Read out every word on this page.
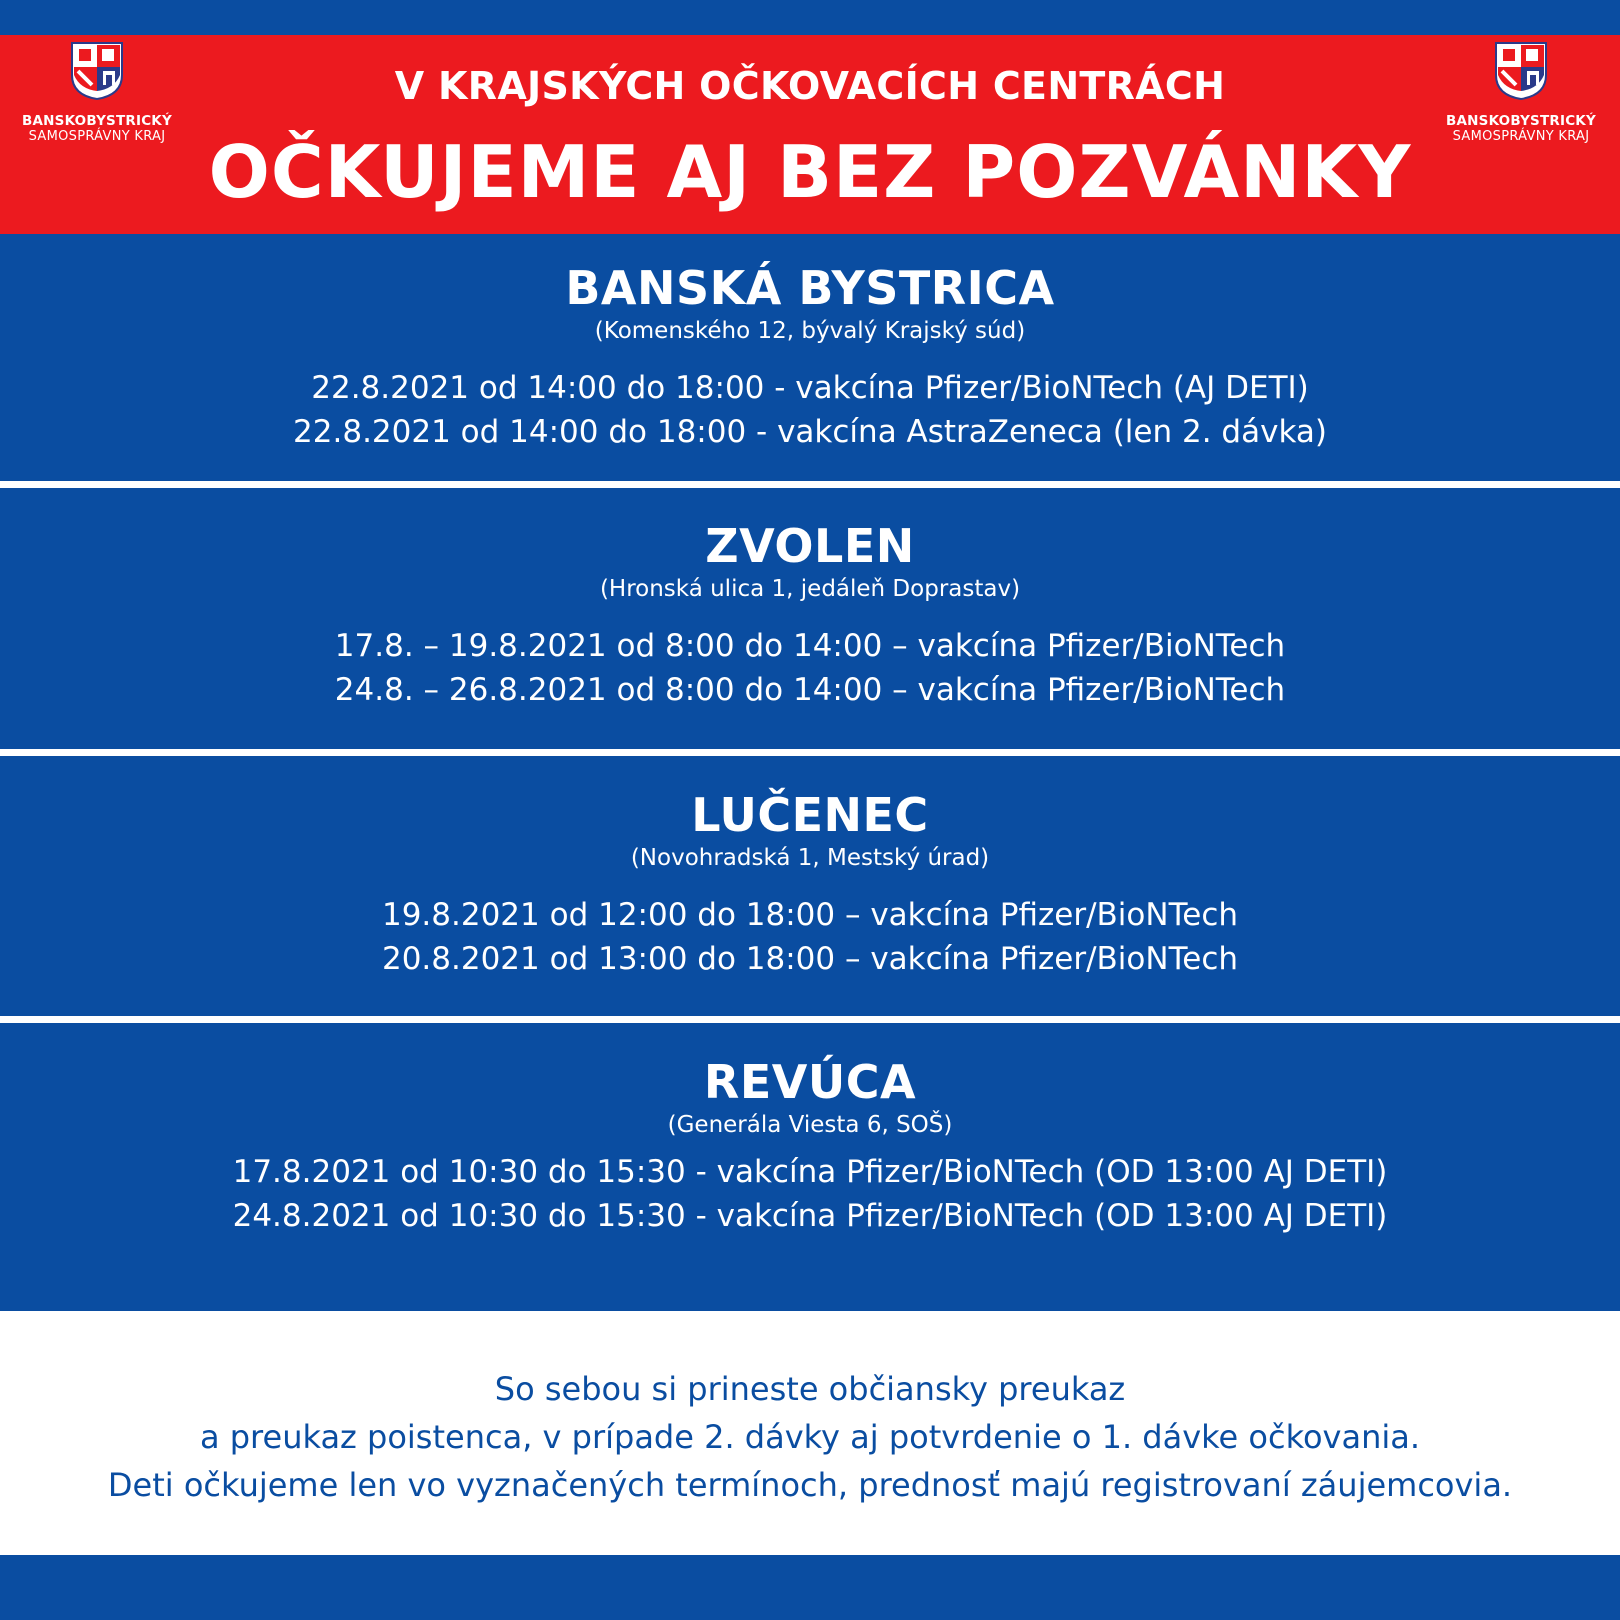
BANSKOBYSTRICKÝ
SAMOSPRÁVNY KRAJ
V KRAJSKÝCH OČKOVACÍCH CENTRÁCH
OČKUJEME AJ BEZ POZVÁNKY
BANSKOBYSTRICKÝ
SAMOSPRÁVNY KRAJ
BANSKÁ BYSTRICA
(Komenského 12, bývalý Krajský súd)
22.8.2021 od 14:00 do 18:00 - vakcína Pfizer/BioNTech (AJ DETI)
22.8.2021 od 14:00 do 18:00 - vakcína AstraZeneca (len 2. dávka)
ZVOLEN
(Hronská ulica 1, jedáleň Doprastav)
17.8. – 19.8.2021 od 8:00 do 14:00 – vakcína Pfizer/BioNTech
24.8. – 26.8.2021 od 8:00 do 14:00 – vakcína Pfizer/BioNTech
LUČENEC
(Novohradská 1, Mestský úrad)
19.8.2021 od 12:00 do 18:00 – vakcína Pfizer/BioNTech
20.8.2021 od 13:00 do 18:00 – vakcína Pfizer/BioNTech
REVÚCA
(Generála Viesta 6, SOŠ)
17.8.2021 od 10:30 do 15:30 - vakcína Pfizer/BioNTech (OD 13:00 AJ DETI)
24.8.2021 od 10:30 do 15:30 - vakcína Pfizer/BioNTech (OD 13:00 AJ DETI)
So sebou si prineste občiansky preukaz
a preukaz poistenca, v prípade 2. dávky aj potvrdenie o 1. dávke očkovania.
Deti očkujeme len vo vyznačených termínoch, prednosť majú registrovaní záujemcovia.
